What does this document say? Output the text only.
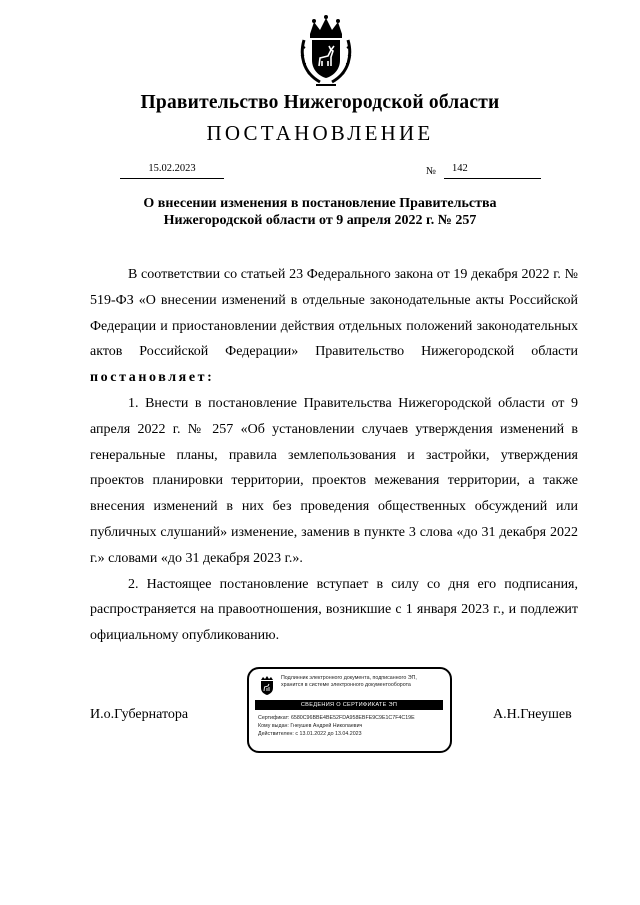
Правительство Нижегородской области
ПОСТАНОВЛЕНИЕ
15.02.2023	№	142
О внесении изменения в постановление Правительства
Нижегородской области от 9 апреля 2022 г. № 257

В соответствии со статьей 23 Федерального закона от 19 декабря 2022 г. № 519-ФЗ «О внесении изменений в отдельные законодательные акты Российской Федерации и приостановлении действия отдельных положений законодательных актов Российской Федерации» Правительство Нижегородской области постановляет:

1. Внести в постановление Правительства Нижегородской области от 9 апреля 2022 г. № 257 «Об установлении случаев утверждения изменений в генеральные планы, правила землепользования и застройки, утверждения проектов планировки территории, проектов межевания территории, а также внесения изменений в них без проведения общественных обсуждений или публичных слушаний» изменение, заменив в пункте 3 слова «до 31 декабря 2022 г.» словами «до 31 декабря 2023 г.».

2. Настоящее постановление вступает в силу со дня его подписания, распространяется на правоотношения, возникшие с 1 января 2023 г., и подлежит официальному опубликованию.

И.о.Губернатора
Подлинник электронного документа, подписанного ЭП,
хранится в системе электронного документооборота
СВЕДЕНИЯ О СЕРТИФИКАТЕ ЭП
Сертификат: 6580C96BBE4BE52FDA958EBFE9C9E1C7F4C19E
Кому выдан: Гнеушев Андрей Николаевич
Действителен: с 13.01.2022 до 13.04.2023
А.Н.Гнеушев
